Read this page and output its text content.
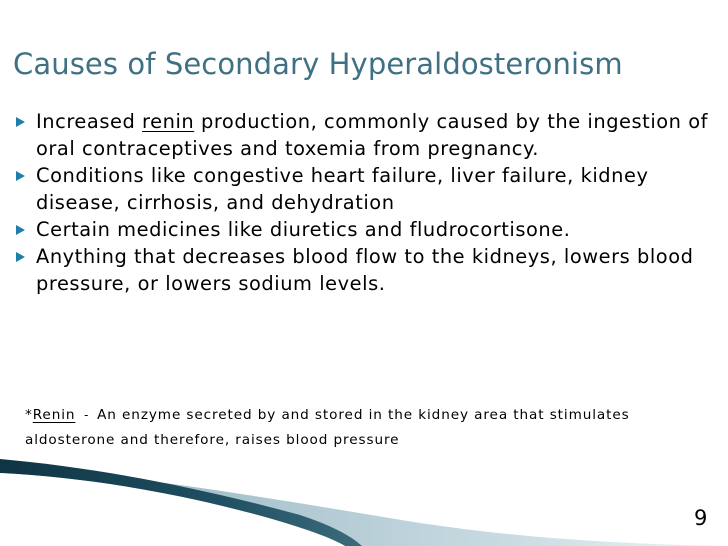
Causes of Secondary Hyperaldosteronism
Increased renin production, commonly caused by the ingestion of oral contraceptives and toxemia from pregnancy.
Conditions like congestive heart failure, liver failure, kidney disease, cirrhosis, and dehydration
Certain medicines like diuretics and fludrocortisone.
Anything that decreases blood flow to the kidneys, lowers blood pressure, or lowers sodium levels.
*Renin - An enzyme secreted by and stored in the kidney area that stimulates aldosterone and therefore, raises blood pressure
9
